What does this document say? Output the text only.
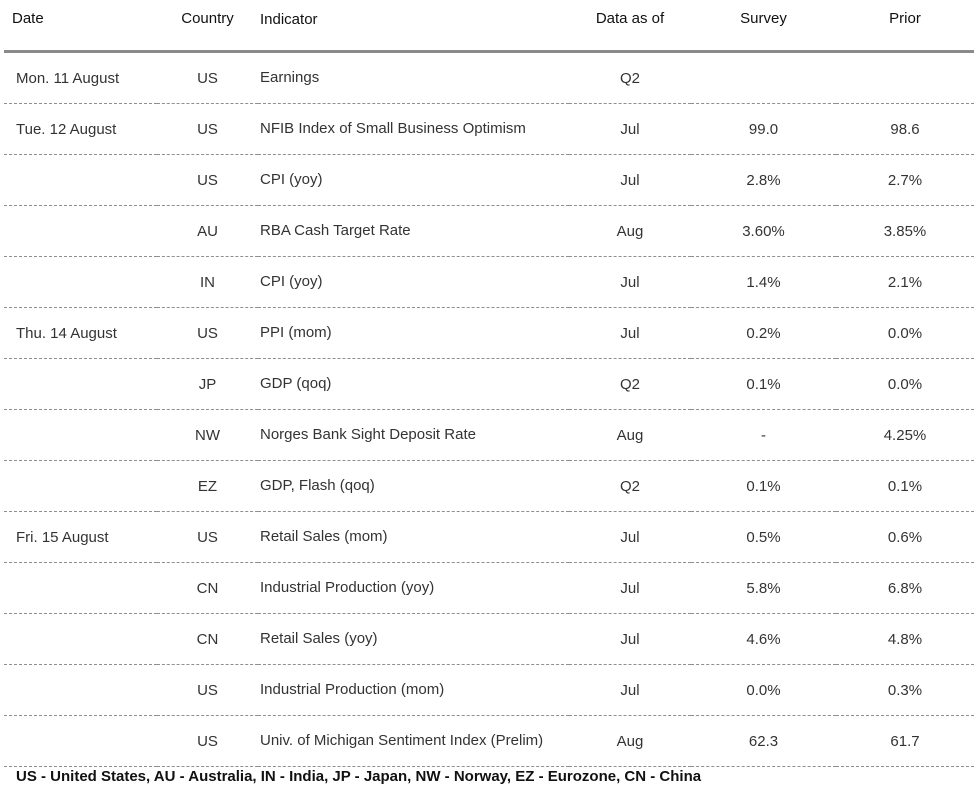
Date	Country	Indicator	Data as of	Survey	Prior
Mon. 11 August	US	Earnings	Q2		
Tue. 12 August	US	NFIB Index of Small Business Optimism	Jul	99.0	98.6
	US	CPI (yoy)	Jul	2.8%	2.7%
	AU	RBA Cash Target Rate	Aug	3.60%	3.85%
	IN	CPI (yoy)	Jul	1.4%	2.1%
Thu. 14 August	US	PPI (mom)	Jul	0.2%	0.0%
	JP	GDP (qoq)	Q2	0.1%	0.0%
	NW	Norges Bank Sight Deposit Rate	Aug	-	4.25%
	EZ	GDP, Flash (qoq)	Q2	0.1%	0.1%
Fri. 15 August	US	Retail Sales (mom)	Jul	0.5%	0.6%
	CN	Industrial Production (yoy)	Jul	5.8%	6.8%
	CN	Retail Sales (yoy)	Jul	4.6%	4.8%
	US	Industrial Production (mom)	Jul	0.0%	0.3%
	US	Univ. of Michigan Sentiment Index (Prelim)	Aug	62.3	61.7
US - United States, AU - Australia, IN - India, JP - Japan, NW - Norway, EZ - Eurozone, CN - China
